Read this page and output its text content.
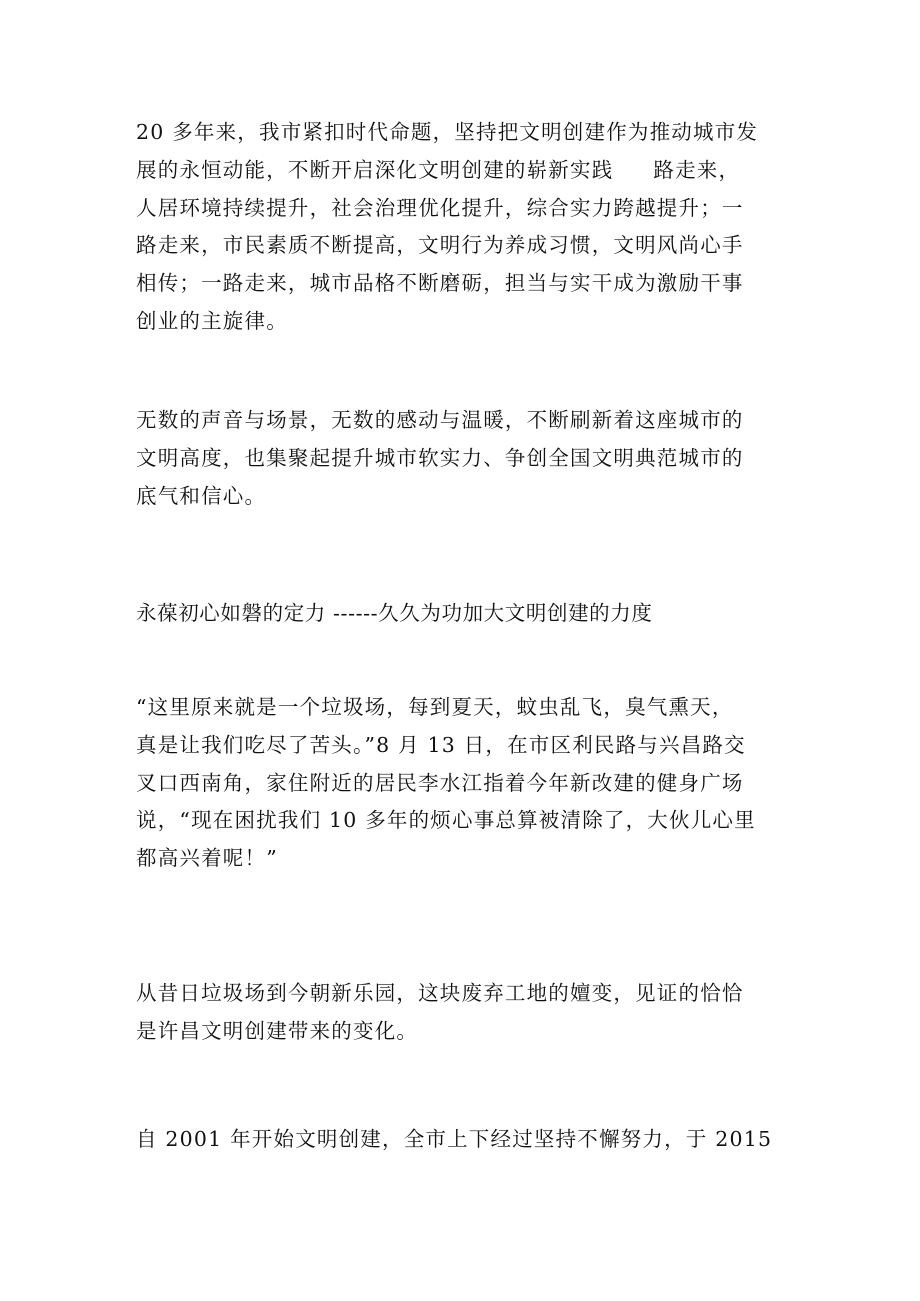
20 多年来，我市紧扣时代命题，坚持把文明创建作为推动城市发
展的永恒动能，不断开启深化文明创建的崭新实践 路走来，
人居环境持续提升，社会治理优化提升，综合实力跨越提升；一
路走来，市民素质不断提高，文明行为养成习惯，文明风尚心手
相传；一路走来，城市品格不断磨砺，担当与实干成为激励干事
创业的主旋律。

无数的声音与场景，无数的感动与温暖，不断刷新着这座城市的
文明高度，也集聚起提升城市软实力、争创全国文明典范城市的
底气和信心。

永葆初心如磐的定力 ------久久为功加大文明创建的力度

“这里原来就是一个垃圾场，每到夏天，蚊虫乱飞，臭气熏天，
真是让我们吃尽了苦头。”8 月 13 日，在市区利民路与兴昌路交
叉口西南角，家住附近的居民李水江指着今年新改建的健身广场
说，“现在困扰我们 10 多年的烦心事总算被清除了，大伙儿心里
都高兴着呢！”

从昔日垃圾场到今朝新乐园，这块废弃工地的嬗变，见证的恰恰
是许昌文明创建带来的变化。

自 2001 年开始文明创建，全市上下经过坚持不懈努力，于 2015
